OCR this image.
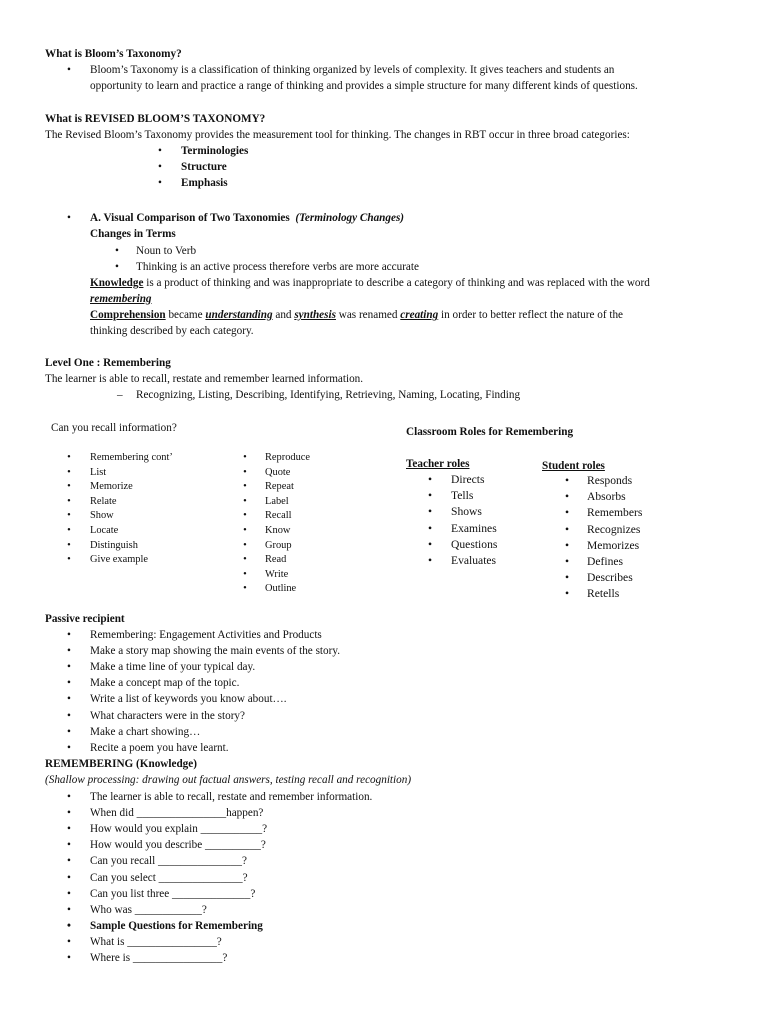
What is Bloom’s Taxonomy?
• Bloom’s Taxonomy is a classification of thinking organized by levels of complexity. It gives teachers and students an
opportunity to learn and practice a range of thinking and provides a simple structure for many different kinds of questions.
What is REVISED BLOOM’S TAXONOMY?
The Revised Bloom’s Taxonomy provides the measurement tool for thinking. The changes in RBT occur in three broad categories:
• Terminologies
• Structure
• Emphasis
• A. Visual Comparison of Two Taxonomies (Terminology Changes)
Changes in Terms
• Noun to Verb
• Thinking is an active process therefore verbs are more accurate
Knowledge is a product of thinking and was inappropriate to describe a category of thinking and was replaced with the word
remembering
Comprehension became understanding and synthesis was renamed creating in order to better reflect the nature of the
thinking described by each category.
Level One : Remembering
The learner is able to recall, restate and remember learned information.
– Recognizing, Listing, Describing, Identifying, Retrieving, Naming, Locating, Finding
Can you recall information?
•	Remembering cont’
•	List
•	Memorize
•	Relate
•	Show
•	Locate
•	Distinguish
•	Give example
•	Reproduce
•	Quote
•	Repeat
•	Label
•	Recall
•	Know
•	Group
•	Read
•	Write
•	Outline
Classroom Roles for Remembering
Teacher roles	Student roles
• Directs
• Tells
• Shows
• Examines
• Questions
• Evaluates
• Responds
• Absorbs
• Remembers
• Recognizes
• Memorizes
• Defines
• Describes
• Retells
Passive recipient
• Remembering: Engagement Activities and Products
• Make a story map showing the main events of the story.
• Make a time line of your typical day.
• Make a concept map of the topic.
• Write a list of keywords you know about….
• What characters were in the story?
• Make a chart showing…
• Recite a poem you have learnt.
REMEMBERING (Knowledge)
(Shallow processing: drawing out factual answers, testing recall and recognition)
• The learner is able to recall, restate and remember information.
• When did ________________happen?
• How would you explain ___________?
• How would you describe __________?
• Can you recall _______________?
• Can you select _______________?
• Can you list three ______________?
• Who was ____________?
• Sample Questions for Remembering
• What is ________________?
• Where is ________________?
